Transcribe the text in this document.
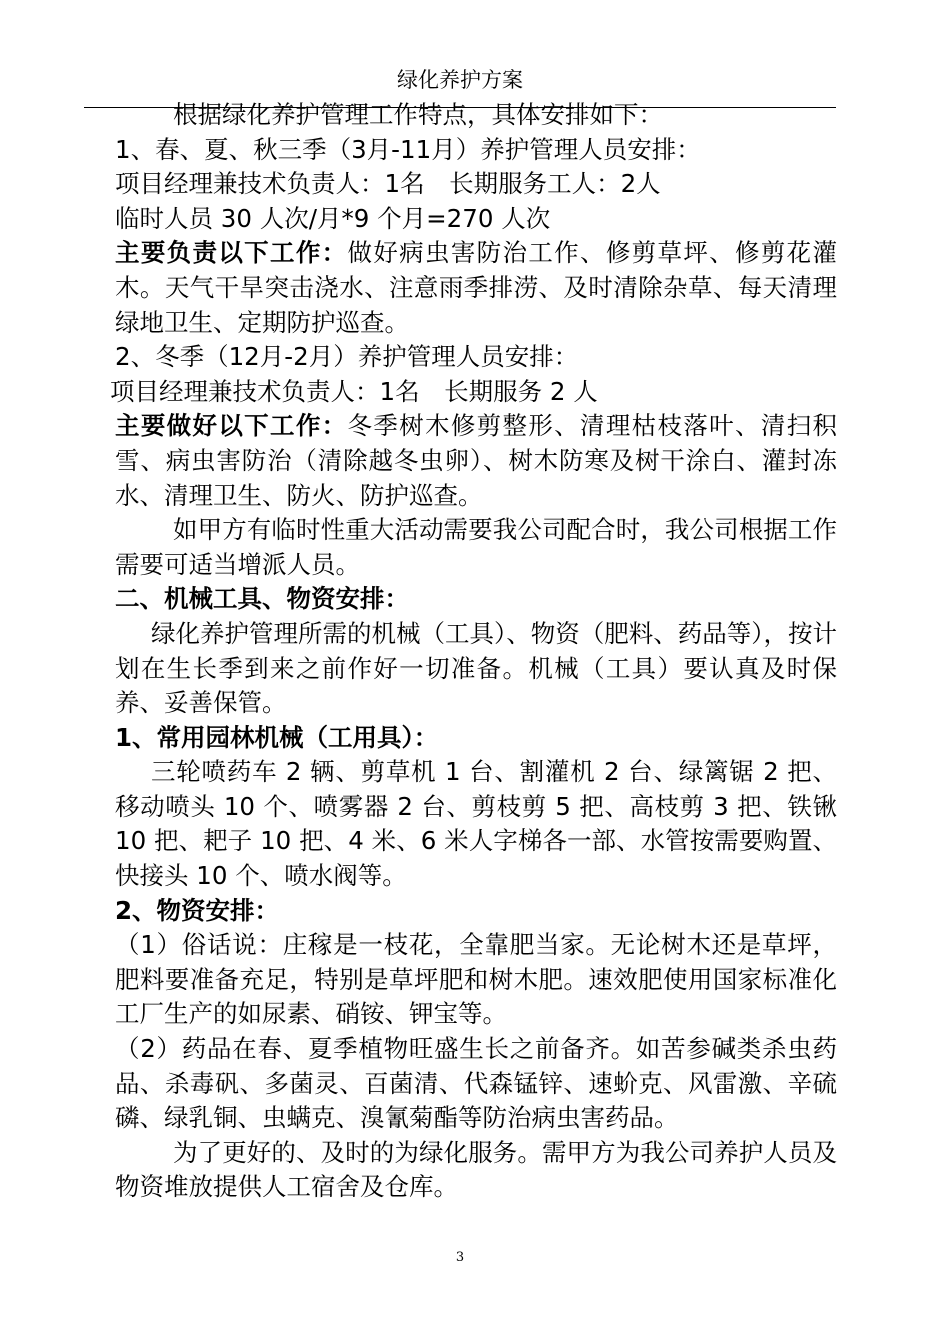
绿化养护方案

根据绿化养护管理工作特点，具体安排如下：

1、春、夏、秋三季（3月-11月）养护管理人员安排：

项目经理兼技术负责人：1名　长期服务工人：2人

临时人员 30 人次/月*9 个月=270 人次

主要负责以下工作：做好病虫害防治工作、修剪草坪、修剪花灌木。天气干旱突击浇水、注意雨季排涝、及时清除杂草、每天清理绿地卫生、定期防护巡查。

2、冬季（12月-2月）养护管理人员安排：

项目经理兼技术负责人：1名　长期服务 2 人

主要做好以下工作：冬季树木修剪整形、清理枯枝落叶、清扫积雪、病虫害防治（清除越冬虫卵）、树木防寒及树干涂白、灌封冻水、清理卫生、防火、防护巡查。

如甲方有临时性重大活动需要我公司配合时，我公司根据工作需要可适当增派人员。

二、机械工具、物资安排：

绿化养护管理所需的机械（工具）、物资（肥料、药品等），按计划在生长季到来之前作好一切准备。机械（工具）要认真及时保养、妥善保管。

1、常用园林机械（工用具）：

三轮喷药车 2 辆、剪草机 1 台、割灌机 2 台、绿篱锯 2 把、移动喷头 10 个、喷雾器 2 台、剪枝剪 5 把、高枝剪 3 把、铁锹 10 把、耙子 10 把、4 米、6 米人字梯各一部、水管按需要购置、快接头 10 个、喷水阀等。

2、物资安排：

（1）俗话说：庄稼是一枝花，全靠肥当家。无论树木还是草坪，肥料要准备充足，特别是草坪肥和树木肥。速效肥使用国家标准化工厂生产的如尿素、硝铵、钾宝等。

（2）药品在春、夏季植物旺盛生长之前备齐。如苦参碱类杀虫药品、杀毒矾、多菌灵、百菌清、代森锰锌、速蚧克、风雷激、辛硫磷、绿乳铜、虫螨克、溴氰菊酯等防治病虫害药品。

为了更好的、及时的为绿化服务。需甲方为我公司养护人员及物资堆放提供人工宿舍及仓库。

3
